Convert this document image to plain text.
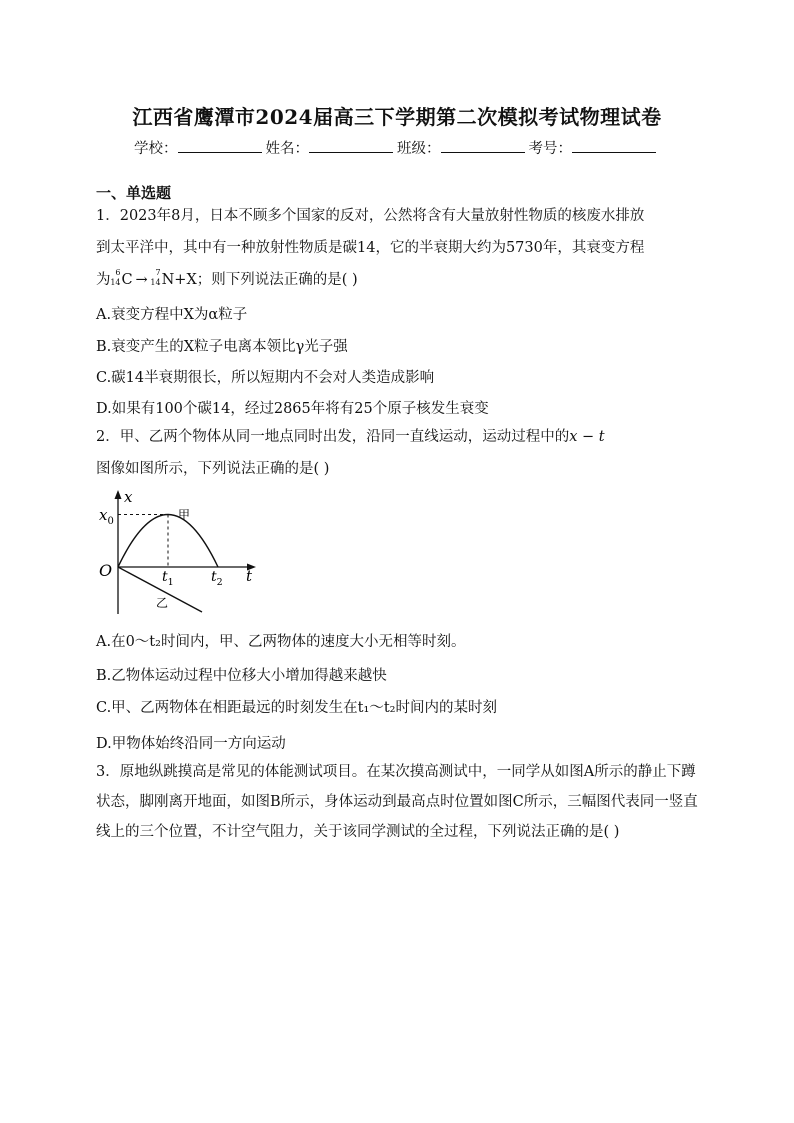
江西省鹰潭市2024届高三下学期第二次模拟考试物理试卷
学校：	姓名：	班级：	考号：
一、单选题
1．2023年8月，日本不顾多个国家的反对，公然将含有大量放射性物质的核废水排放
到太平洋中，其中有一种放射性物质是碳14，它的半衰期大约为5730年，其衰变方程
为 14
6 C → 14
7 N+X；则下列说法正确的是( )
A.衰变方程中X为α粒子
B.衰变产生的X粒子电离本领比γ光子强
C.碳14半衰期很长，所以短期内不会对人类造成影响
D.如果有100个碳14，经过2865年将有25个原子核发生衰变
2．甲、乙两个物体从同一地点同时出发，沿同一直线运动，运动过程中的x − t
图像如图所示，下列说法正确的是( )
x
$x_0$	甲
O	$t_1$	$t_2$ t
乙
A.在0～t₂时间内，甲、乙两物体的速度大小无相等时刻。
B.乙物体运动过程中位移大小增加得越来越快
C.甲、乙两物体在相距最远的时刻发生在t₁～t₂时间内的某时刻
D.甲物体始终沿同一方向运动
3．原地纵跳摸高是常见的体能测试项目。在某次摸高测试中，一同学从如图A所示的静止下蹲状态，脚刚离开地面，如图B所示，身体运动到最高点时位置如图C所示，三幅图代表同一竖直线上的三个位置，不计空气阻力，关于该同学测试的全过程，下列说法正确的是( )
